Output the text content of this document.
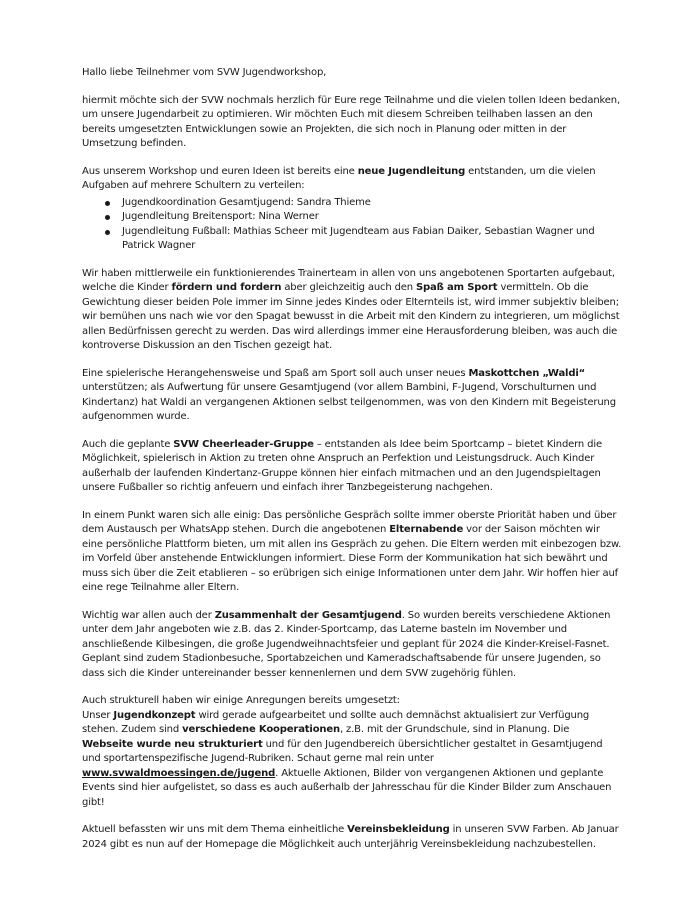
Hallo liebe Teilnehmer vom SVW Jugendworkshop,

hiermit möchte sich der SVW nochmals herzlich für Eure rege Teilnahme und die vielen tollen Ideen bedanken, um unsere Jugendarbeit zu optimieren. Wir möchten Euch mit diesem Schreiben teilhaben lassen an den bereits umgesetzten Entwicklungen sowie an Projekten, die sich noch in Planung oder mitten in der Umsetzung befinden.

Aus unserem Workshop und euren Ideen ist bereits eine neue Jugendleitung entstanden, um die vielen Aufgaben auf mehrere Schultern zu verteilen:

Jugendkoordination Gesamtjugend: Sandra Thieme
Jugendleitung Breitensport: Nina Werner
Jugendleitung Fußball: Mathias Scheer mit Jugendteam aus Fabian Daiker, Sebastian Wagner und Patrick Wagner

Wir haben mittlerweile ein funktionierendes Trainerteam in allen von uns angebotenen Sportarten aufgebaut, welche die Kinder fördern und fordern aber gleichzeitig auch den Spaß am Sport vermitteln. Ob die Gewichtung dieser beiden Pole immer im Sinne jedes Kindes oder Elternteils ist, wird immer subjektiv bleiben; wir bemühen uns nach wie vor den Spagat bewusst in die Arbeit mit den Kindern zu integrieren, um möglichst allen Bedürfnissen gerecht zu werden. Das wird allerdings immer eine Herausforderung bleiben, was auch die kontroverse Diskussion an den Tischen gezeigt hat.

Eine spielerische Herangehensweise und Spaß am Sport soll auch unser neues Maskottchen „Waldi“ unterstützen; als Aufwertung für unsere Gesamtjugend (vor allem Bambini, F-Jugend, Vorschulturnen und Kindertanz) hat Waldi an vergangenen Aktionen selbst teilgenommen, was von den Kindern mit Begeisterung aufgenommen wurde.

Auch die geplante SVW Cheerleader-Gruppe – entstanden als Idee beim Sportcamp – bietet Kindern die Möglichkeit, spielerisch in Aktion zu treten ohne Anspruch an Perfektion und Leistungsdruck. Auch Kinder außerhalb der laufenden Kindertanz-Gruppe können hier einfach mitmachen und an den Jugendspieltagen unsere Fußballer so richtig anfeuern und einfach ihrer Tanzbegeisterung nachgehen.

In einem Punkt waren sich alle einig: Das persönliche Gespräch sollte immer oberste Priorität haben und über dem Austausch per WhatsApp stehen. Durch die angebotenen Elternabende vor der Saison möchten wir eine persönliche Plattform bieten, um mit allen ins Gespräch zu gehen. Die Eltern werden mit einbezogen bzw. im Vorfeld über anstehende Entwicklungen informiert. Diese Form der Kommunikation hat sich bewährt und muss sich über die Zeit etablieren – so erübrigen sich einige Informationen unter dem Jahr. Wir hoffen hier auf eine rege Teilnahme aller Eltern.

Wichtig war allen auch der Zusammenhalt der Gesamtjugend. So wurden bereits verschiedene Aktionen unter dem Jahr angeboten wie z.B. das 2. Kinder-Sportcamp, das Laterne basteln im November und anschließende Kilbesingen, die große Jugendweihnachtsfeier und geplant für 2024 die Kinder-Kreisel-Fasnet. Geplant sind zudem Stadionbesuche, Sportabzeichen und Kameradschaftsabende für unsere Jugenden, so dass sich die Kinder untereinander besser kennenlernen und dem SVW zugehörig fühlen.

Auch strukturell haben wir einige Anregungen bereits umgesetzt:
Unser Jugendkonzept wird gerade aufgearbeitet und sollte auch demnächst aktualisiert zur Verfügung stehen. Zudem sind verschiedene Kooperationen, z.B. mit der Grundschule, sind in Planung. Die Webseite wurde neu strukturiert und für den Jugendbereich übersichtlicher gestaltet in Gesamtjugend und sportartenspezifische Jugend-Rubriken. Schaut gerne mal rein unter www.svwaldmoessingen.de/jugend. Aktuelle Aktionen, Bilder von vergangenen Aktionen und geplante Events sind hier aufgelistet, so dass es auch außerhalb der Jahresschau für die Kinder Bilder zum Anschauen gibt!

Aktuell befassten wir uns mit dem Thema einheitliche Vereinsbekleidung in unseren SVW Farben. Ab Januar 2024 gibt es nun auf der Homepage die Möglichkeit auch unterjährig Vereinsbekleidung nachzubestellen.
